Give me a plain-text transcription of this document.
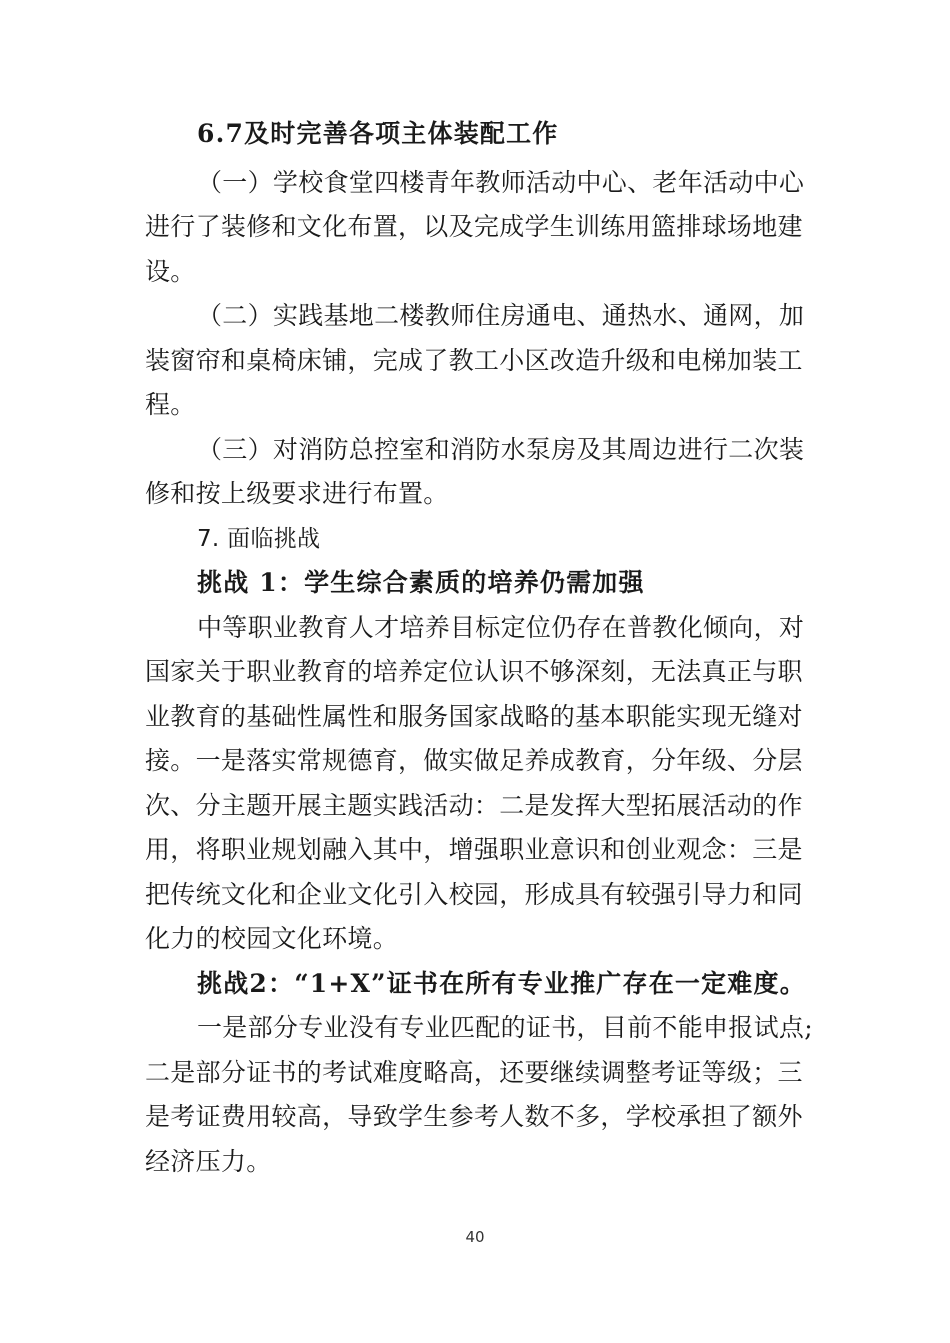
6.7及时完善各项主体装配工作
（一）学校食堂四楼青年教师活动中心、老年活动中心
进行了装修和文化布置，以及完成学生训练用篮排球场地建
设。
（二）实践基地二楼教师住房通电、通热水、通网，加
装窗帘和桌椅床铺，完成了教工小区改造升级和电梯加装工
程。
（三）对消防总控室和消防水泵房及其周边进行二次装
修和按上级要求进行布置。
7. 面临挑战
挑战 1：学生综合素质的培养仍需加强
中等职业教育人才培养目标定位仍存在普教化倾向，对
国家关于职业教育的培养定位认识不够深刻，无法真正与职
业教育的基础性属性和服务国家战略的基本职能实现无缝对
接。一是落实常规德育，做实做足养成教育，分年级、分层
次、分主题开展主题实践活动：二是发挥大型拓展活动的作
用，将职业规划融入其中，增强职业意识和创业观念：三是
把传统文化和企业文化引入校园，形成具有较强引导力和同
化力的校园文化环境。
挑战2：“1+X”证书在所有专业推广存在一定难度。
一是部分专业没有专业匹配的证书，目前不能申报试点;
二是部分证书的考试难度略高，还要继续调整考证等级；三
是考证费用较高，导致学生参考人数不多，学校承担了额外
经济压力。
40
